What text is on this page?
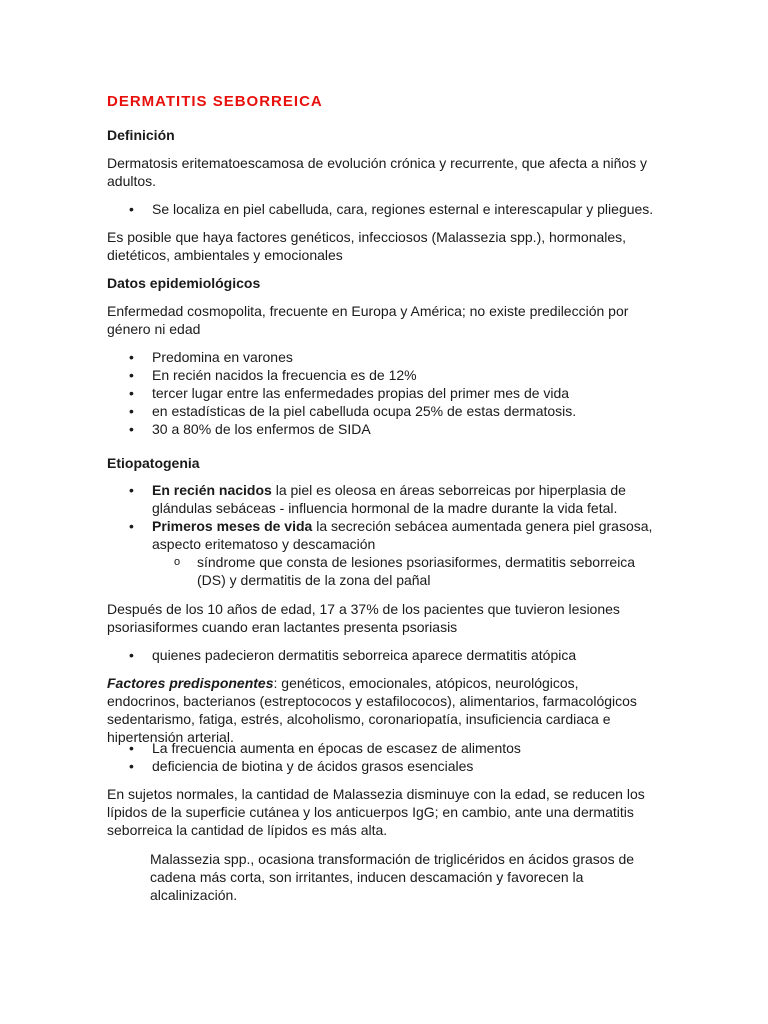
DERMATITIS SEBORREICA

Definición

Dermatosis eritematoescamosa de evolución crónica y recurrente, que afecta a niños y adultos.

• Se localiza en piel cabelluda, cara, regiones esternal e interescapular y pliegues.

Es posible que haya factores genéticos, infecciosos (Malassezia spp.), hormonales, dietéticos, ambientales y emocionales

Datos epidemiológicos

Enfermedad cosmopolita, frecuente en Europa y América; no existe predilección por género ni edad

• Predomina en varones
• En recién nacidos la frecuencia es de 12%
• tercer lugar entre las enfermedades propias del primer mes de vida
• en estadísticas de la piel cabelluda ocupa 25% de estas dermatosis.
• 30 a 80% de los enfermos de SIDA

Etiopatogenia

• En recién nacidos la piel es oleosa en áreas seborreicas por hiperplasia de glándulas sebáceas - influencia hormonal de la madre durante la vida fetal.
• Primeros meses de vida la secreción sebácea aumentada genera piel grasosa, aspecto eritematoso y descamación
o síndrome que consta de lesiones psoriasiformes, dermatitis seborreica (DS) y dermatitis de la zona del pañal

Después de los 10 años de edad, 17 a 37% de los pacientes que tuvieron lesiones psoriasiformes cuando eran lactantes presenta psoriasis

• quienes padecieron dermatitis seborreica aparece dermatitis atópica

Factores predisponentes: genéticos, emocionales, atópicos, neurológicos, endocrinos, bacterianos (estreptococos y estafilococos), alimentarios, farmacológicos sedentarismo, fatiga, estrés, alcoholismo, coronariopatía, insuficiencia cardiaca e hipertensión arterial.

• La frecuencia aumenta en épocas de escasez de alimentos
• deficiencia de biotina y de ácidos grasos esenciales

En sujetos normales, la cantidad de Malassezia disminuye con la edad, se reducen los lípidos de la superficie cutánea y los anticuerpos IgG; en cambio, ante una dermatitis seborreica la cantidad de lípidos es más alta.

Malassezia spp., ocasiona transformación de triglicéridos en ácidos grasos de cadena más corta, son irritantes, inducen descamación y favorecen la alcalinización.
